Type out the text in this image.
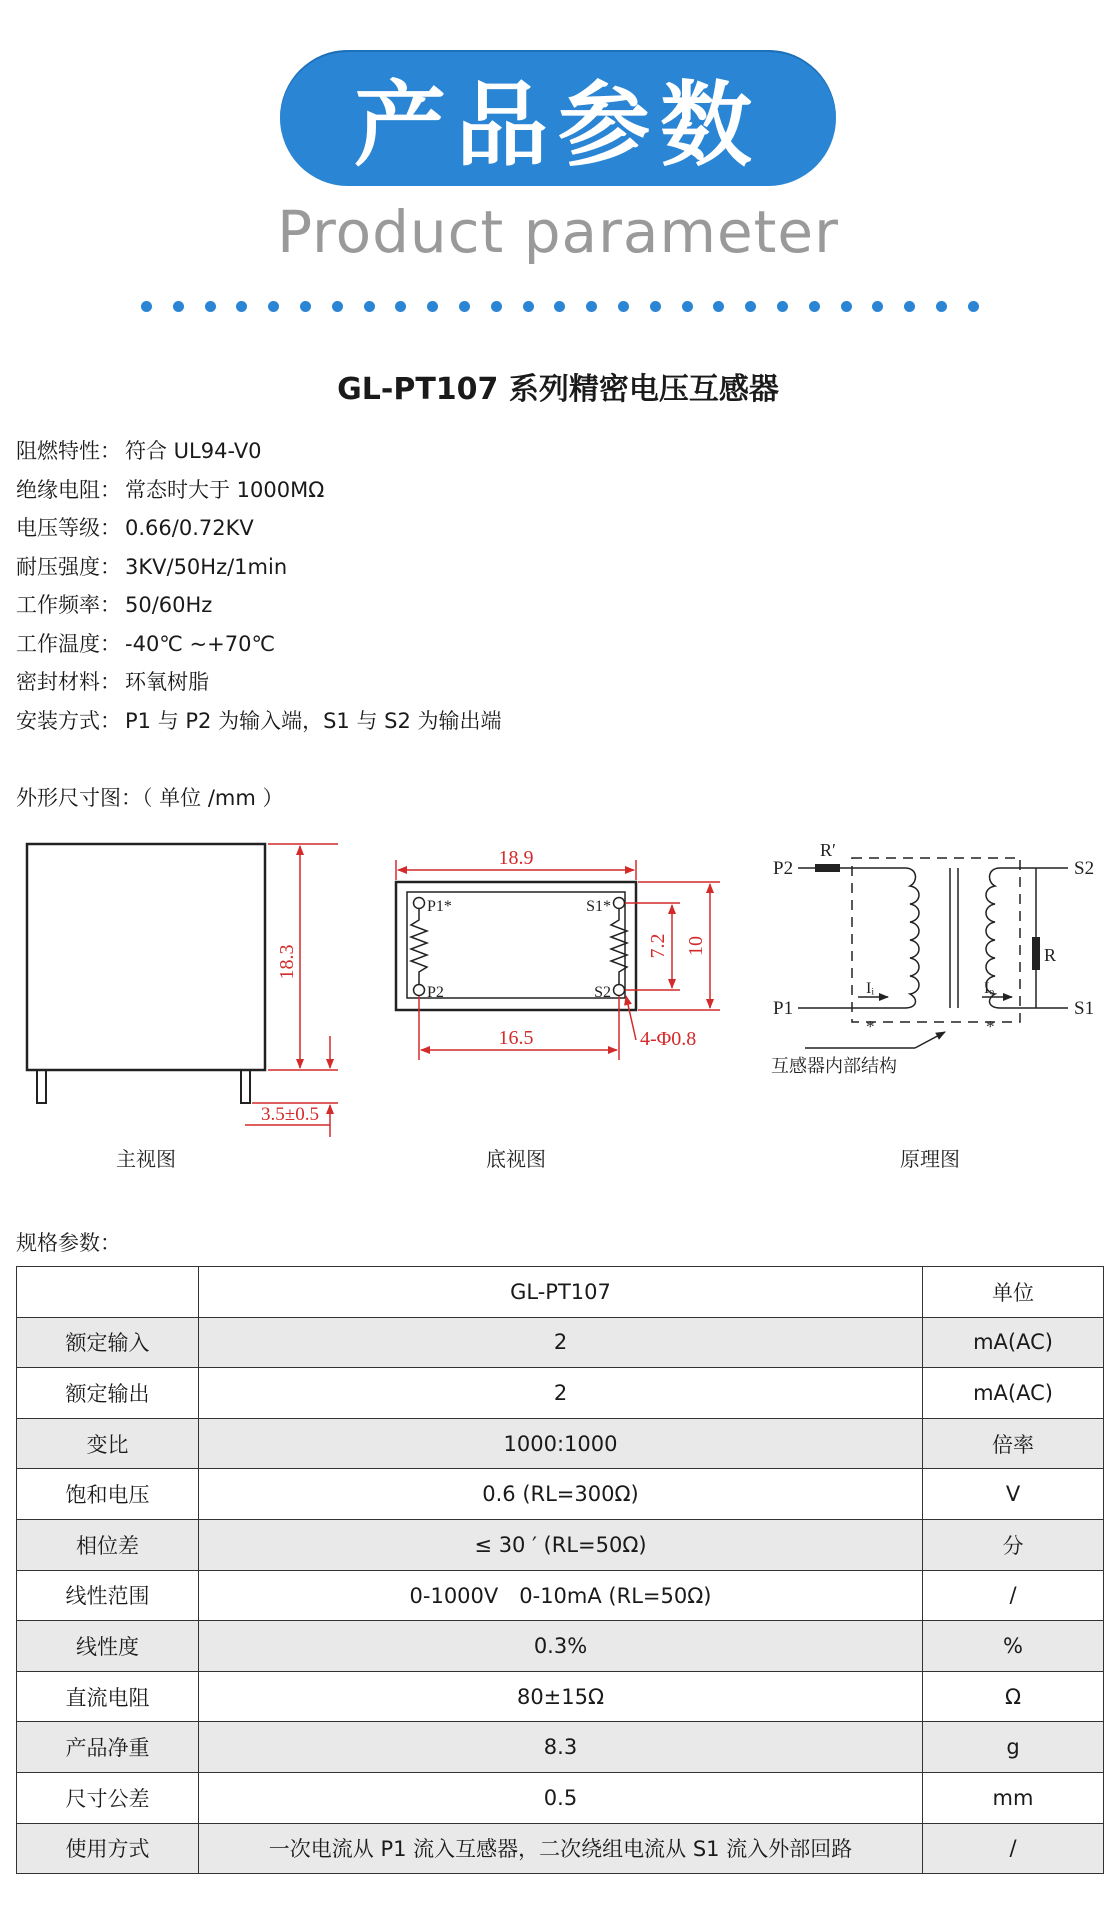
产品参数
Product parameter
GL-PT107 系列精密电压互感器
阻燃特性： 符合 UL94-V0
绝缘电阻： 常态时大于 1000MΩ
电压等级： 0.66/0.72KV
耐压强度： 3KV/50Hz/1min
工作频率： 50/60Hz
工作温度： -40℃ ~+70℃
密封材料： 环氧树脂
安装方式： P1 与 P2 为输入端，S1 与 S2 为输出端
外形尺寸图：（ 单位 /mm ）
18.3
3.5±0.5
主视图
P1*
P2
S1*
S2
18.9
16.5
10
7.2
4-Φ0.8
底视图
P2
P1
S2
S1
R′
R
Iᵢ	Iₒ
*	*
互感器内部结构
原理图
规格参数：
	GL-PT107	单位
额定输入	2	mA(AC)
额定输出	2	mA(AC)
变比	1000:1000	倍率
饱和电压	0.6 (RL=300Ω)	V
相位差	≤ 30 ′ (RL=50Ω)	分
线性范围	0-1000V　0-10mA (RL=50Ω)	/
线性度	0.3%	%
直流电阻	80±15Ω	Ω
产品净重	8.3	g
尺寸公差	0.5	mm
使用方式	一次电流从 P1 流入互感器，二次绕组电流从 S1 流入外部回路	/
